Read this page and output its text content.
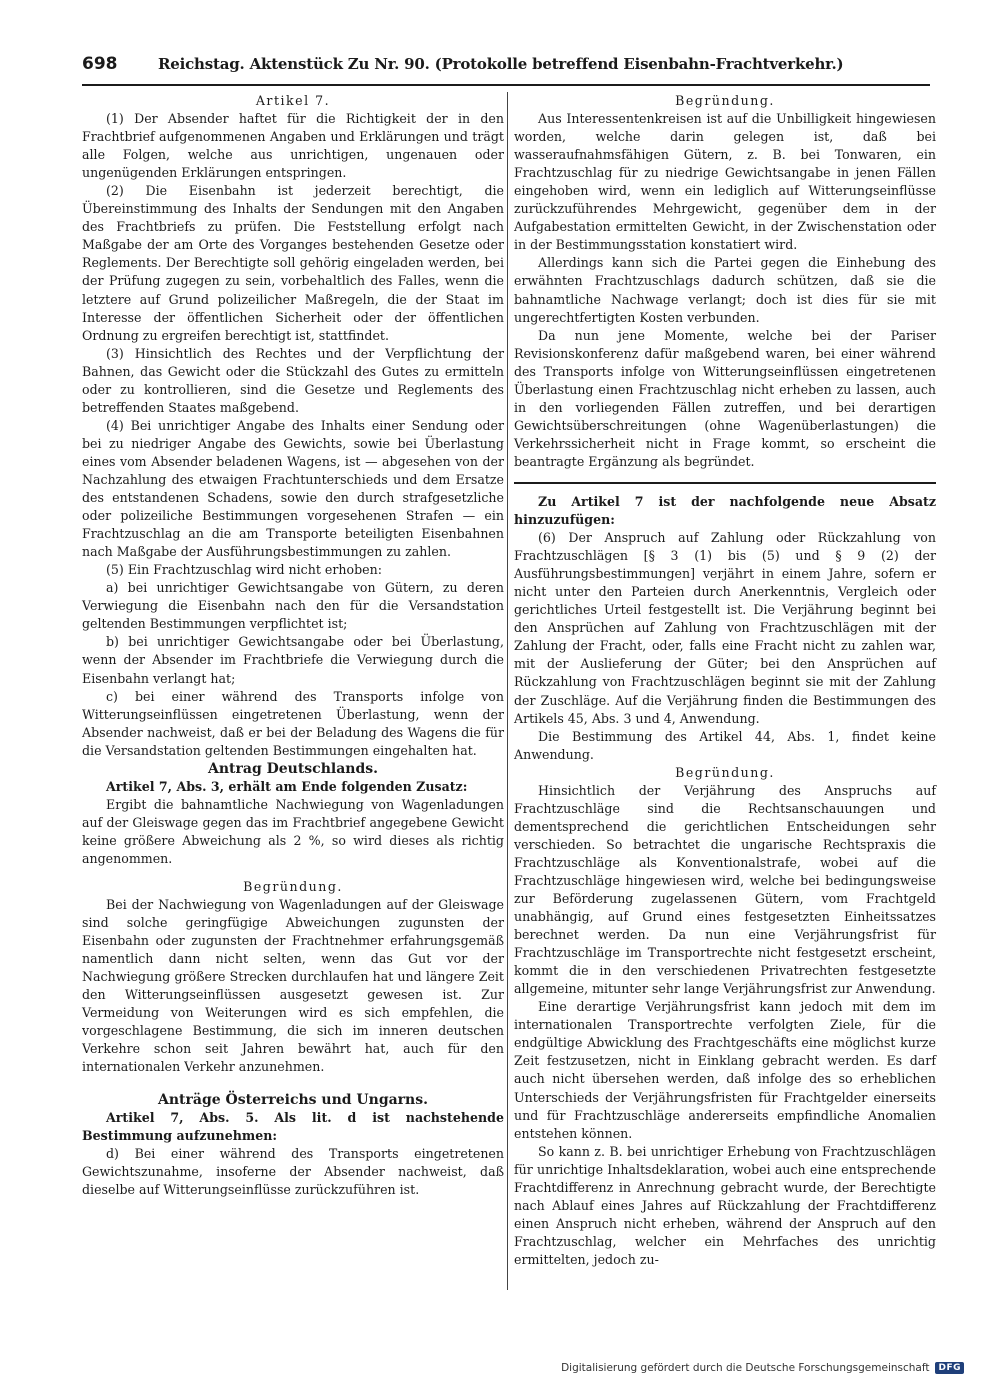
698	Reichstag. Aktenstück Zu Nr. 90. (Protokolle betreffend Eisenbahn-Frachtverkehr.)

Artikel 7.

(1) Der Absender haftet für die Richtigkeit der in den Frachtbrief aufgenommenen Angaben und Erklärungen und trägt alle Folgen, welche aus unrichtigen, ungenauen oder ungenügenden Erklärungen entspringen.

(2) Die Eisenbahn ist jederzeit berechtigt, die Übereinstimmung des Inhalts der Sendungen mit den Angaben des Frachtbriefs zu prüfen. Die Feststellung erfolgt nach Maßgabe der am Orte des Vorganges bestehenden Gesetze oder Reglements. Der Berechtigte soll gehörig eingeladen werden, bei der Prüfung zugegen zu sein, vorbehaltlich des Falles, wenn die letztere auf Grund polizeilicher Maßregeln, die der Staat im Interesse der öffentlichen Sicherheit oder der öffentlichen Ordnung zu ergreifen berechtigt ist, stattfindet.

(3) Hinsichtlich des Rechtes und der Verpflichtung der Bahnen, das Gewicht oder die Stückzahl des Gutes zu ermitteln oder zu kontrollieren, sind die Gesetze und Reglements des betreffenden Staates maßgebend.

(4) Bei unrichtiger Angabe des Inhalts einer Sendung oder bei zu niedriger Angabe des Gewichts, sowie bei Überlastung eines vom Absender beladenen Wagens, ist — abgesehen von der Nachzahlung des etwaigen Frachtunterschieds und dem Ersatze des entstandenen Schadens, sowie den durch strafgesetzliche oder polizeiliche Bestimmungen vorgesehenen Strafen — ein Frachtzuschlag an die am Transporte beteiligten Eisenbahnen nach Maßgabe der Ausführungsbestimmungen zu zahlen.

(5) Ein Frachtzuschlag wird nicht erhoben:

a) bei unrichtiger Gewichtsangabe von Gütern, zu deren Verwiegung die Eisenbahn nach den für die Versandstation geltenden Bestimmungen verpflichtet ist;

b) bei unrichtiger Gewichtsangabe oder bei Überlastung, wenn der Absender im Frachtbriefe die Verwiegung durch die Eisenbahn verlangt hat;

c) bei einer während des Transports infolge von Witterungseinflüssen eingetretenen Überlastung, wenn der Absender nachweist, daß er bei der Beladung des Wagens die für die Versandstation geltenden Bestimmungen eingehalten hat.

Antrag Deutschlands.

Artikel 7, Abs. 3, erhält am Ende folgenden Zusatz:

Ergibt die bahnamtliche Nachwiegung von Wagenladungen auf der Gleiswage gegen das im Frachtbrief angegebene Gewicht keine größere Abweichung als 2 %, so wird dieses als richtig angenommen.

Begründung.

Bei der Nachwiegung von Wagenladungen auf der Gleiswage sind solche geringfügige Abweichungen zugunsten der Eisenbahn oder zugunsten der Frachtnehmer erfahrungsgemäß namentlich dann nicht selten, wenn das Gut vor der Nachwiegung größere Strecken durchlaufen hat und längere Zeit den Witterungseinflüssen ausgesetzt gewesen ist. Zur Vermeidung von Weiterungen wird es sich empfehlen, die vorgeschlagene Bestimmung, die sich im inneren deutschen Verkehre schon seit Jahren bewährt hat, auch für den internationalen Verkehr anzunehmen.

Anträge Österreichs und Ungarns.

Artikel 7, Abs. 5. Als lit. d ist nachstehende Bestimmung aufzunehmen:

d) Bei einer während des Transports eingetretenen Gewichtszunahme, insoferne der Absender nachweist, daß dieselbe auf Witterungseinflüsse zurückzuführen ist.

Begründung.

Aus Interessentenkreisen ist auf die Unbilligkeit hingewiesen worden, welche darin gelegen ist, daß bei wasseraufnahmsfähigen Gütern, z. B. bei Tonwaren, ein Frachtzuschlag für zu niedrige Gewichtsangabe in jenen Fällen eingehoben wird, wenn ein lediglich auf Witterungseinflüsse zurückzuführendes Mehrgewicht, gegenüber dem in der Aufgabestation ermittelten Gewicht, in der Zwischenstation oder in der Bestimmungsstation konstatiert wird.

Allerdings kann sich die Partei gegen die Einhebung des erwähnten Frachtzuschlags dadurch schützen, daß sie die bahnamtliche Nachwage verlangt; doch ist dies für sie mit ungerechtfertigten Kosten verbunden.

Da nun jene Momente, welche bei der Pariser Revisionskonferenz dafür maßgebend waren, bei einer während des Transports infolge von Witterungseinflüssen eingetretenen Überlastung einen Frachtzuschlag nicht erheben zu lassen, auch in den vorliegenden Fällen zutreffen, und bei derartigen Gewichtsüberschreitungen (ohne Wagenüberlastungen) die Verkehrssicherheit nicht in Frage kommt, so erscheint die beantragte Ergänzung als begründet.

Zu Artikel 7 ist der nachfolgende neue Absatz hinzuzufügen:

(6) Der Anspruch auf Zahlung oder Rückzahlung von Frachtzuschlägen [§ 3 (1) bis (5) und § 9 (2) der Ausführungsbestimmungen] verjährt in einem Jahre, sofern er nicht unter den Parteien durch Anerkenntnis, Vergleich oder gerichtliches Urteil festgestellt ist. Die Verjährung beginnt bei den Ansprüchen auf Zahlung von Frachtzuschlägen mit der Zahlung der Fracht, oder, falls eine Fracht nicht zu zahlen war, mit der Auslieferung der Güter; bei den Ansprüchen auf Rückzahlung von Frachtzuschlägen beginnt sie mit der Zahlung der Zuschläge. Auf die Verjährung finden die Bestimmungen des Artikels 45, Abs. 3 und 4, Anwendung.

Die Bestimmung des Artikel 44, Abs. 1, findet keine Anwendung.

Begründung.

Hinsichtlich der Verjährung des Anspruchs auf Frachtzuschläge sind die Rechtsanschauungen und dementsprechend die gerichtlichen Entscheidungen sehr verschieden. So betrachtet die ungarische Rechtspraxis die Frachtzuschläge als Konventionalstrafe, wobei auf die Frachtzuschläge hingewiesen wird, welche bei bedingungsweise zur Beförderung zugelassenen Gütern, vom Frachtgeld unabhängig, auf Grund eines festgesetzten Einheitssatzes berechnet werden. Da nun eine Verjährungsfrist für Frachtzuschläge im Transportrechte nicht festgesetzt erscheint, kommt die in den verschiedenen Privatrechten festgesetzte allgemeine, mitunter sehr lange Verjährungsfrist zur Anwendung.

Eine derartige Verjährungsfrist kann jedoch mit dem im internationalen Transportrechte verfolgten Ziele, für die endgültige Abwicklung des Frachtgeschäfts eine möglichst kurze Zeit festzusetzen, nicht in Einklang gebracht werden. Es darf auch nicht übersehen werden, daß infolge des so erheblichen Unterschieds der Verjährungsfristen für Frachtgelder einerseits und für Frachtzuschläge andererseits empfindliche Anomalien entstehen können.

So kann z. B. bei unrichtiger Erhebung von Frachtzuschlägen für unrichtige Inhaltsdeklaration, wobei auch eine entsprechende Frachtdifferenz in Anrechnung gebracht wurde, der Berechtigte nach Ablauf eines Jahres auf Rückzahlung der Frachtdifferenz einen Anspruch nicht erheben, während der Anspruch auf den Frachtzuschlag, welcher ein Mehrfaches des unrichtig ermittelten, jedoch zu-

Digitalisierung gefördert durch die Deutsche Forschungsgemeinschaft	DFG
